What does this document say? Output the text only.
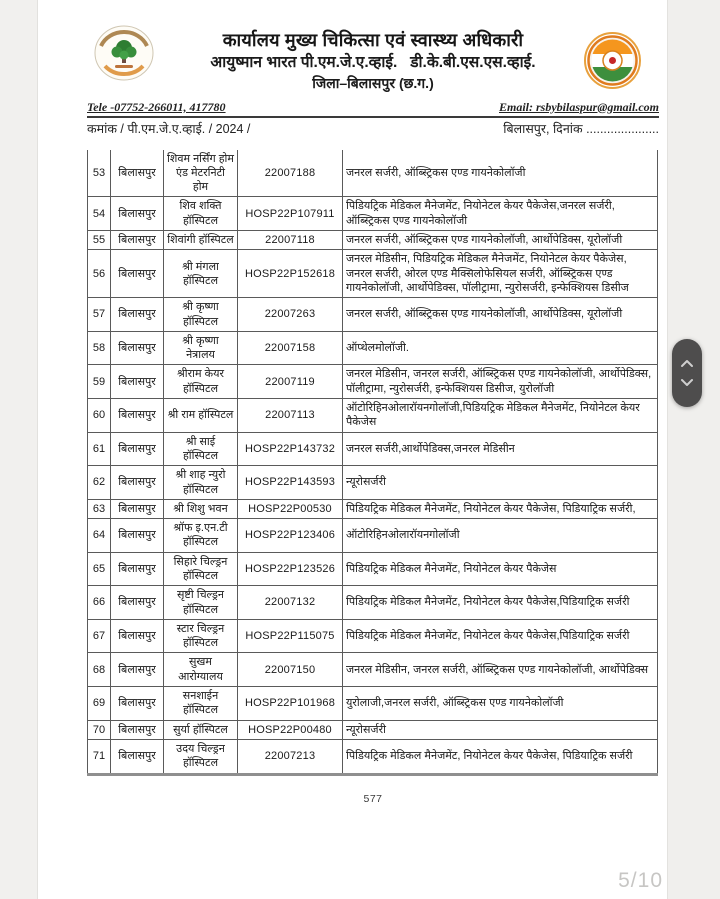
कार्यालय मुख्य चिकित्सा एवं स्वास्थ्य अधिकारी
आयुष्मान भारत पी.एम.जे.ए.व्हाई.   डी.के.बी.एस.एस.व्हाई.
जिला–बिलासपुर (छ.ग.)
Tele -07752-266011, 417780	Email: rsbybilaspur@gmail.com
कमांक / पी.एम.जे.ए.व्हाई. / 2024 /	बिलासपुर, दिनांक .....................
53	बिलासपुर	शिवम नर्सिंग होम एंड मेटरनिटी होम	22007188	जनरल सर्जरी, ऑब्स्ट्रिकस एण्ड गायनेकोलॉजी
54	बिलासपुर	शिव शक्ति हॉस्पिटल	HOSP22P107911	पिडियट्रिक मेडिकल मैनेजमेंट, नियोनेटल केयर पैकेजेस,जनरल सर्जरी, ऑब्स्ट्रिकस एण्ड गायनेकोलॉजी
55	बिलासपुर	शिवांगी हॉस्पिटल	22007118	जनरल सर्जरी, ऑब्स्ट्रिकस एण्ड गायनेकोलॉजी, आर्थोपेडिक्स, यूरोलॉजी
56	बिलासपुर	श्री मंगला हॉस्पिटल	HOSP22P152618	जनरल मेडिसीन, पिडियट्रिक मेडिकल मैनेजमेंट, नियोनेटल केयर पैकेजेस, जनरल सर्जरी, ओरल एण्ड मैक्सिलोफेसियल सर्जरी, ऑब्स्ट्रिकस एण्ड गायनेकोलॉजी, आर्थोपेडिक्स, पॉलीट्रामा, न्युरोसर्जरी, इन्फेक्शियस डिसीज
57	बिलासपुर	श्री कृष्णा हॉस्पिटल	22007263	जनरल सर्जरी, ऑब्स्ट्रिकस एण्ड गायनेकोलॉजी, आर्थोपेडिक्स, यूरोलॉजी
58	बिलासपुर	श्री कृष्णा नेत्रालय	22007158	ऑप्थेलमोलॉजी.
59	बिलासपुर	श्रीराम केयर हॉस्पिटल	22007119	जनरल मेडिसीन, जनरल सर्जरी, ऑब्स्ट्रिकस एण्ड गायनेकोलॉजी, आर्थोपेडिक्स, पॉलीट्रामा, न्युरोसर्जरी, इन्फेक्शियस डिसीज, युरोलॉजी
60	बिलासपुर	श्री राम हॉस्पिटल	22007113	ऑटोरिहिनओलारॉयनगोलॉजी,पिडियट्रिक मेडिकल मैनेजमेंट, नियोनेटल केयर पैकेजेस
61	बिलासपुर	श्री साई हॉस्पिटल	HOSP22P143732	जनरल सर्जरी,आर्थोपेडिक्स,जनरल मेडिसीन
62	बिलासपुर	श्री शाह न्युरो हॉस्पिटल	HOSP22P143593	न्यूरोसर्जरी
63	बिलासपुर	श्री शिशु भवन	HOSP22P00530	पिडियट्रिक मेडिकल मैनेजमेंट, नियोनेटल केयर पैकेजेस, पिडियाट्रिक सर्जरी,
64	बिलासपुर	श्रॉफ इ.एन.टी हॉस्पिटल	HOSP22P123406	ऑटोरिहिनओलारॉयनगोलॉजी
65	बिलासपुर	सिहारे चिल्ड्रन हॉस्पिटल	HOSP22P123526	पिडियट्रिक मेडिकल मैनेजमेंट, नियोनेटल केयर पैकेजेस
66	बिलासपुर	सृष्टी चिल्ड्रन हॉस्पिटल	22007132	पिडियट्रिक मेडिकल मैनेजमेंट, नियोनेटल केयर पैकेजेस,पिडियाट्रिक सर्जरी
67	बिलासपुर	स्टार चिल्ड्रन हॉस्पिटल	HOSP22P115075	पिडियट्रिक मेडिकल मैनेजमेंट, नियोनेटल केयर पैकेजेस,पिडियाट्रिक सर्जरी
68	बिलासपुर	सुखम आरोग्यालय	22007150	जनरल मेडिसीन, जनरल सर्जरी, ऑब्स्ट्रिकस एण्ड गायनेकोलॉजी, आर्थोपेडिक्स
69	बिलासपुर	सनशाईन हॉस्पिटल	HOSP22P101968	युरोलाजी,जनरल सर्जरी, ऑब्स्ट्रिकस एण्ड गायनेकोलॉजी
70	बिलासपुर	सुर्या हॉस्पिटल	HOSP22P00480	न्यूरोसर्जरी
71	बिलासपुर	उदय चिल्ड्रन हॉस्पिटल	22007213	पिडियट्रिक मेडिकल मैनेजमेंट, नियोनेटल केयर पैकेजेस, पिडियाट्रिक सर्जरी
577
5/10
